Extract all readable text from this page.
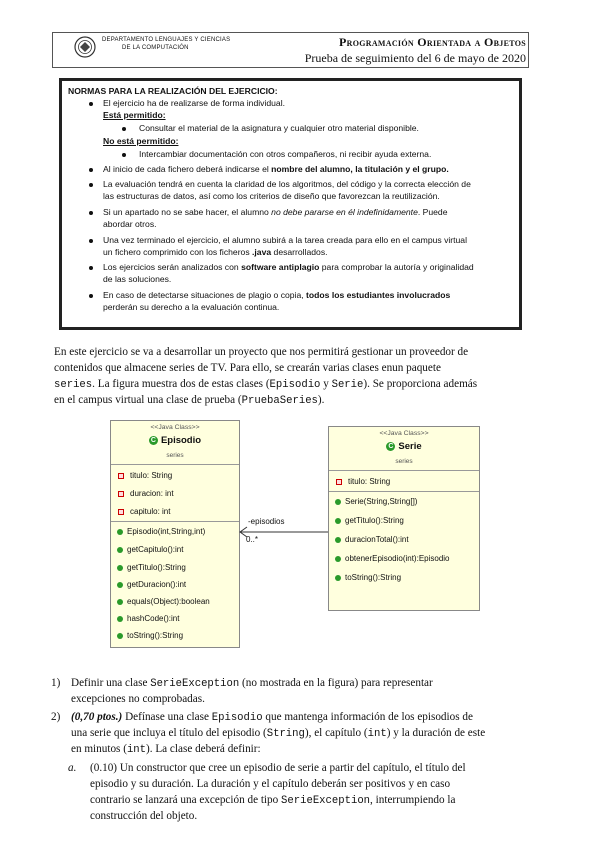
DEPARTAMENTO LENGUAJES Y CIENCIAS
DE LA COMPUTACIÓN	Programación Orientada a Objetos
Prueba de seguimiento del 6 de mayo de 2020
NORMAS PARA LA REALIZACIÓN DEL EJERCICIO:
El ejercicio ha de realizarse de forma individual.
Está permitido:
Consultar el material de la asignatura y cualquier otro material disponible.
No está permitido:
Intercambiar documentación con otros compañeros, ni recibir ayuda externa.
Al inicio de cada fichero deberá indicarse el nombre del alumno, la titulación y el grupo.
La evaluación tendrá en cuenta la claridad de los algoritmos, del código y la correcta elección de
las estructuras de datos, así como los criterios de diseño que favorezcan la reutilización.
Si un apartado no se sabe hacer, el alumno no debe pararse en él indefinidamente. Puede
abordar otros.
Una vez terminado el ejercicio, el alumno subirá a la tarea creada para ello en el campus virtual
un fichero comprimido con los ficheros .java desarrollados.
Los ejercicios serán analizados con software antiplagio para comprobar la autoría y originalidad
de las soluciones.
En caso de detectarse situaciones de plagio o copia, todos los estudiantes involucrados
perderán su derecho a la evaluación continua.
En este ejercicio se va a desarrollar un proyecto que nos permitirá gestionar un proveedor de
contenidos que almacene series de TV. Para ello, se crearán varias clases enun paquete
series. La figura muestra dos de estas clases (Episodio y Serie). Se proporciona además
en el campus virtual una clase de prueba (PruebaSeries).
<<Java Class>>
C Episodio
series
titulo: String
duracion: int
capitulo: int
Episodio(int,String,int)
getCapitulo():int
getTitulo():String
getDuracion():int
equals(Object):boolean
hashCode():int
toString():String
<<Java Class>>
C Serie
series
titulo: String
Serie(String,String[])
getTitulo():String
duracionTotal():int
obtenerEpisodio(int):Episodio
toString():String
-episodios
0..*
1) Definir una clase SerieException (no mostrada en la figura) para representar
excepciones no comprobadas.
2) (0,70 ptos.) Defínase una clase Episodio que mantenga información de los episodios de
una serie que incluya el título del episodio (String), el capítulo (int) y la duración de este
en minutos (int). La clase deberá definir:
a. (0.10) Un constructor que cree un episodio de serie a partir del capítulo, el título del
episodio y su duración. La duración y el capítulo deberán ser positivos y en caso
contrario se lanzará una excepción de tipo SerieException, interrumpiendo la
construcción del objeto.
